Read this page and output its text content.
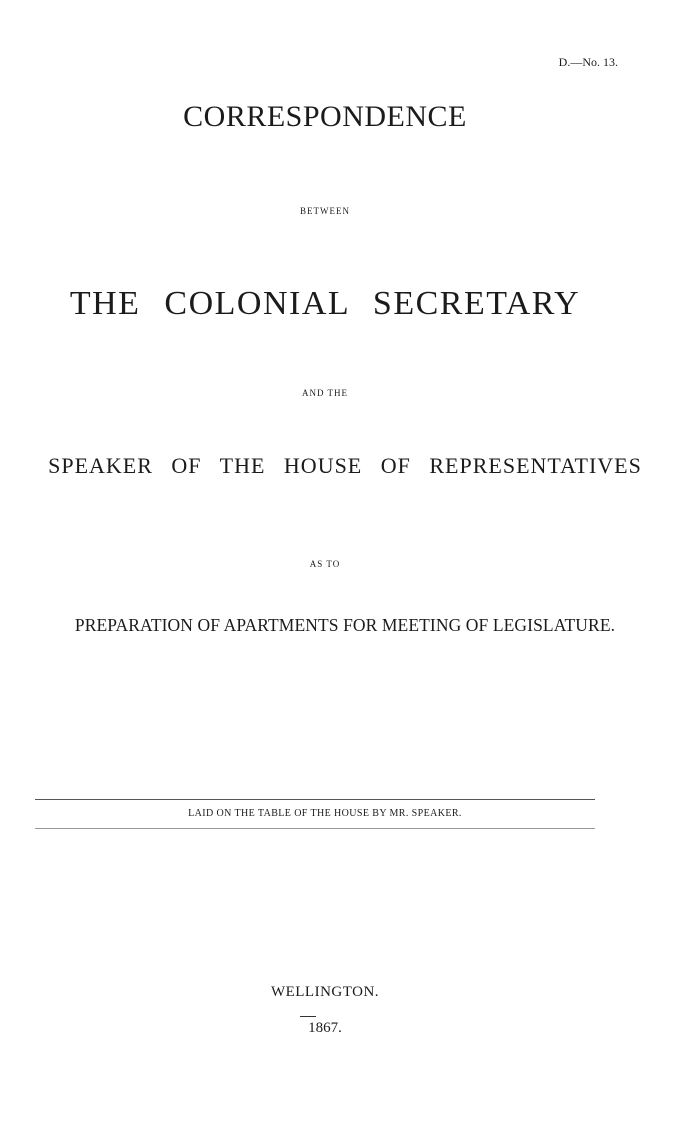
D.—No. 13.
CORRESPONDENCE
BETWEEN
THE COLONIAL SECRETARY
AND THE
SPEAKER OF THE HOUSE OF REPRESENTATIVES
AS TO
PREPARATION OF APARTMENTS FOR MEETING OF LEGISLATURE.
LAID ON THE TABLE OF THE HOUSE BY MR. SPEAKER.
WELLINGTON.
1867.
